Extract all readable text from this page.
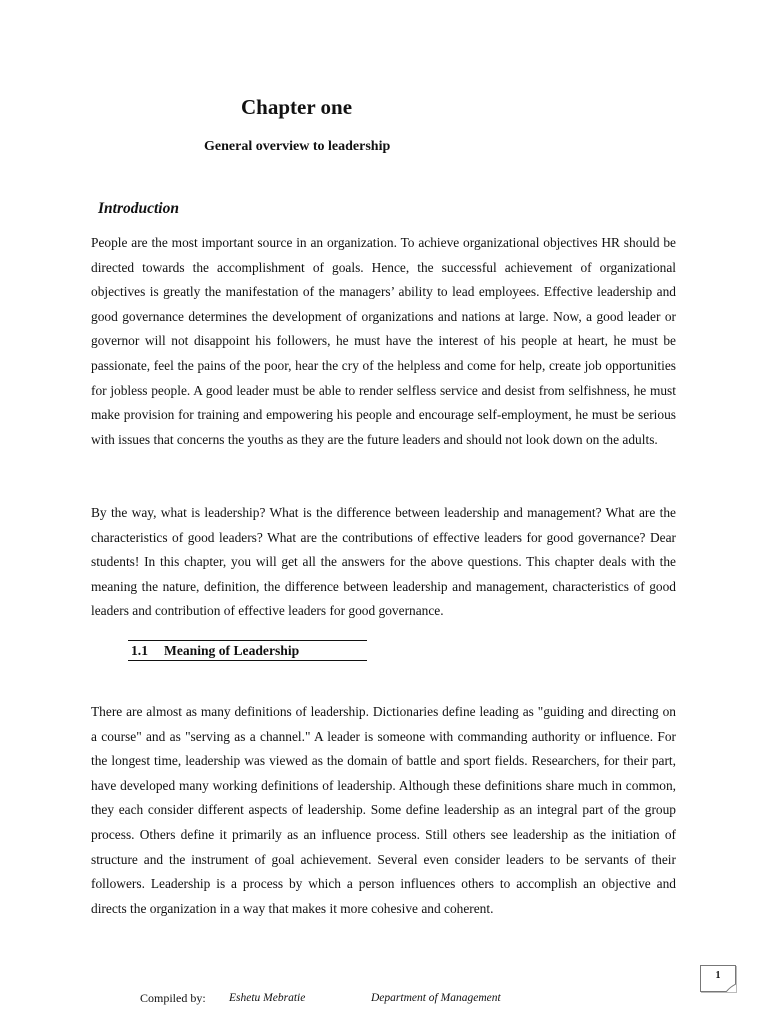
Chapter one
General overview to leadership
Introduction

People are the most important source in an organization. To achieve organizational objectives HR should be directed towards the accomplishment of goals. Hence, the successful achievement of organizational objectives is greatly the manifestation of the managers’ ability to lead employees. Effective leadership and good governance determines the development of organizations and nations at large. Now, a good leader or governor will not disappoint his followers, he must have the interest of his people at heart, he must be passionate, feel the pains of the poor, hear the cry of the helpless and come for help, create job opportunities for jobless people. A good leader must be able to render selfless service and desist from selfishness, he must make provision for training and empowering his people and encourage self-employment, he must be serious with issues that concerns the youths as they are the future leaders and should not look down on the adults.

By the way, what is leadership? What is the difference between leadership and management? What are the characteristics of good leaders? What are the contributions of effective leaders for good governance? Dear students! In this chapter, you will get all the answers for the above questions. This chapter deals with the meaning the nature, definition, the difference between leadership and management, characteristics of good leaders and contribution of effective leaders for good governance.

1.1 Meaning of Leadership

There are almost as many definitions of leadership. Dictionaries define leading as "guiding and directing on a course" and as "serving as a channel." A leader is someone with commanding authority or influence. For the longest time, leadership was viewed as the domain of battle and sport fields. Researchers, for their part, have developed many working definitions of leadership. Although these definitions share much in common, they each consider different aspects of leadership. Some define leadership as an integral part of the group process. Others define it primarily as an influence process. Still others see leadership as the initiation of structure and the instrument of goal achievement. Several even consider leaders to be servants of their followers. Leadership is a process by which a person influences others to accomplish an objective and directs the organization in a way that makes it more cohesive and coherent.

Compiled by: Eshetu Mebratie	Department of Management
1
